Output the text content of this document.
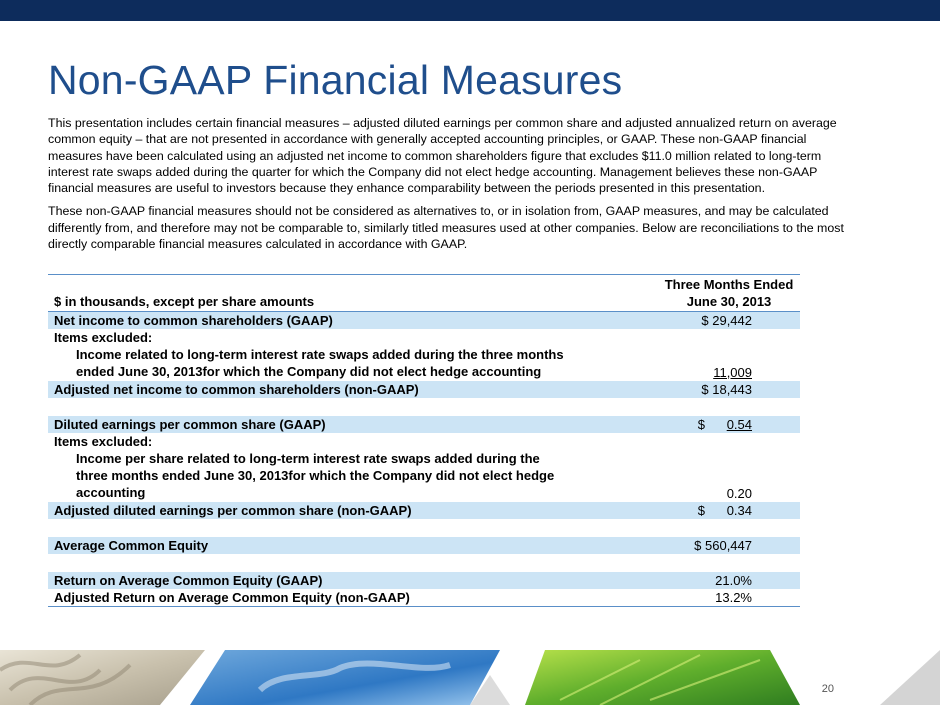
Non-GAAP Financial Measures

This presentation includes certain financial measures – adjusted diluted earnings per common share and adjusted annualized return on average common equity – that are not presented in accordance with generally accepted accounting principles, or GAAP. These non-GAAP financial measures have been calculated using an adjusted net income to common shareholders figure that excludes $11.0 million related to long-term interest rate swaps added during the quarter for which the Company did not elect hedge accounting. Management believes these non-GAAP financial measures are useful to investors because they enhance comparability between the periods presented in this presentation.

These non-GAAP financial measures should not be considered as alternatives to, or in isolation from, GAAP measures, and may be calculated differently from, and therefore may not be comparable to, similarly titled measures used at other companies. Below are reconciliations to the most directly comparable financial measures calculated in accordance with GAAP.

$ in thousands, except per share amounts	Three Months Ended
June 30, 2013
Net income to common shareholders (GAAP)	$ 29,442
Items excluded:	
Income related to long-term interest rate swaps added during the three months ended June 30, 2013for which the Company did not elect hedge accounting	11,009
Adjusted net income to common shareholders (non-GAAP)	$ 18,443

Diluted earnings per common share (GAAP)	$ 0.54
Items excluded:	
Income per share related to long-term interest rate swaps added during the three months ended June 30, 2013for which the Company did not elect hedge accounting	0.20
Adjusted diluted earnings per common share (non-GAAP)	$ 0.34

Average Common Equity	$ 560,447

Return on Average Common Equity (GAAP)	21.0%
Adjusted Return on Average Common Equity (non-GAAP)	13.2%
20
